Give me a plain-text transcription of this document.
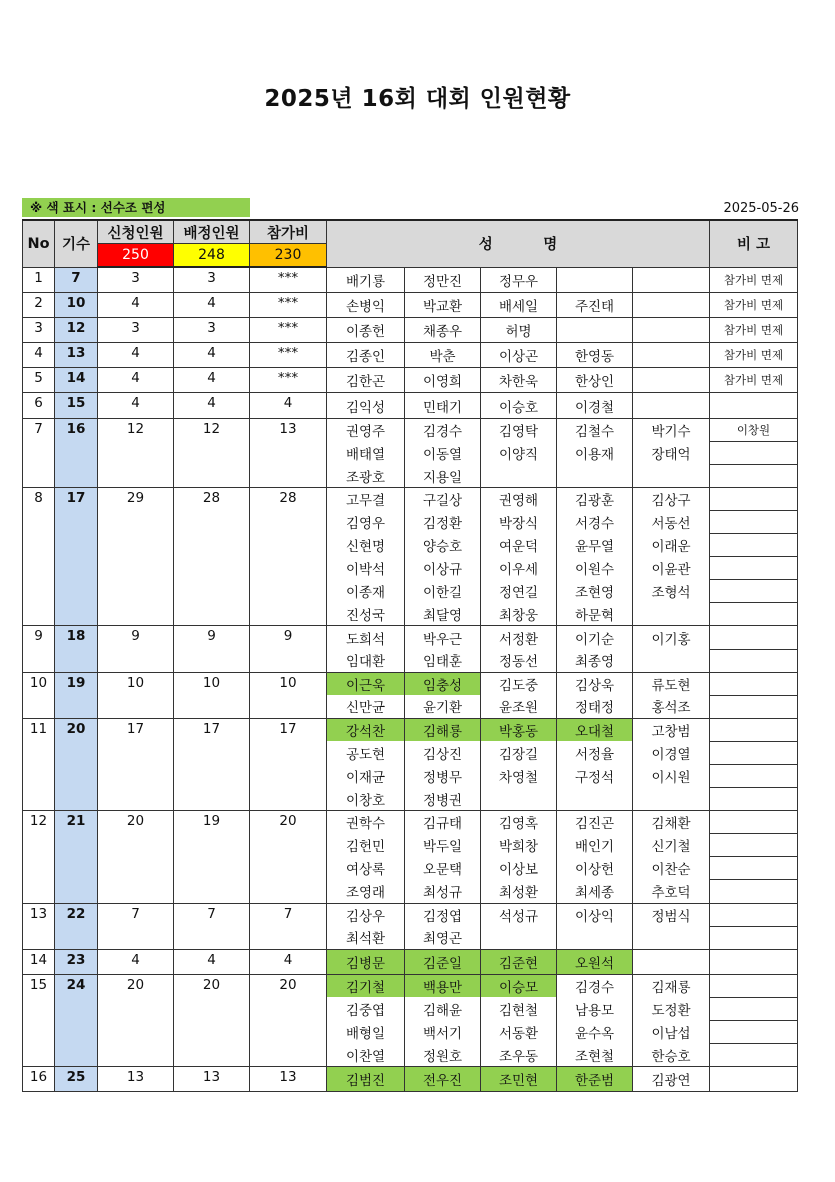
2025년 16회 대회 인원현황
※ 색 표시 : 선수조 편성	2025-05-26
No	기수	신청인원	배정인원	참가비	성          명					비 고
		250	248	230						
1	7	3	3	***	배기룡	정만진	정무우			참가비 면제
2	10	4	4	***	손병익	박교환	배세일	주진태		참가비 면제
3	12	3	3	***	이종헌	채종우	허명			참가비 면제
4	13	4	4	***	김종인	박춘	이상곤	한영동		참가비 면제
5	14	4	4	***	김한곤	이영희	차한욱	한상인		참가비 면제
6	15	4	4	4	김익성	민태기	이승호	이경철		
7	16	12	12	13	권영주	김경수	김영탁	김철수	박기수	이창원
					배태열	이동열	이양직	이용재	장태억	
					조광호	지용일				
8	17	29	28	28	고무결	구길상	권영해	김광훈	김상구	
					김영우	김정환	박장식	서경수	서동선	
					신현명	양승호	여운덕	윤무열	이래운	
					이박석	이상규	이우세	이원수	이윤관	
					이종재	이한길	정연길	조현영	조형석	
					진성국	최달영	최창웅	하문혁		
9	18	9	9	9	도희석	박우근	서정환	이기순	이기홍	
					임대환	임태훈	정동선	최종영		
10	19	10	10	10	이근욱	임충성	김도중	김상욱	류도현	
					신만균	윤기환	윤조원	정태정	홍석조	
11	20	17	17	17	강석찬	김해룡	박홍동	오대철	고창범	
					공도현	김상진	김장길	서정율	이경열	
					이재균	정병무	차영철	구정석	이시원	
					이창호	정병권				
12	21	20	19	20	권학수	김규태	김영혹	김진곤	김채환	
					김헌민	박두일	박희창	배인기	신기철	
					여상록	오문택	이상보	이상헌	이찬순	
					조영래	최성규	최성환	최세종	추호덕	
13	22	7	7	7	김상우	김정엽	석성규	이상익	정범식	
					최석환	최영곤				
14	23	4	4	4	김병문	김준일	김준현	오원석		
15	24	20	20	20	김기철	백용만	이승모	김경수	김재룡	
					김중엽	김해윤	김현철	남용모	도정환	
					배형일	백서기	서동환	윤수옥	이남섭	
					이찬열	정원호	조우동	조현철	한승호	
16	25	13	13	13	김범진	전우진	조민현	한준범	김광연	
